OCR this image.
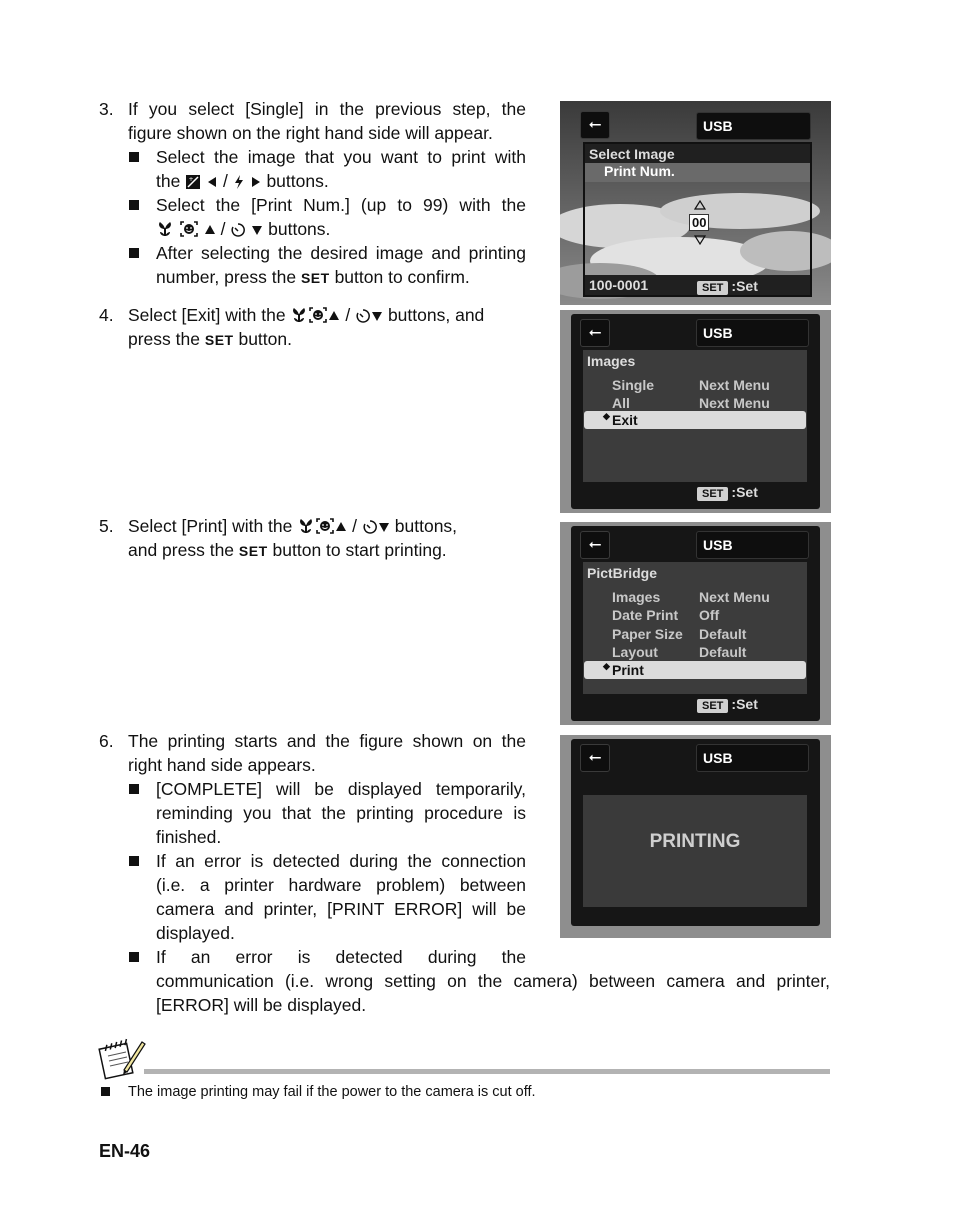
3. If you select [Single] in the previous step, the
figure shown on the right hand side will appear.
Select the image that you want to print with
the + / buttons.
Select the [Print Num.] (up to 99) with the
/ buttons.
After selecting the desired image and printing
number, press the SET button to confirm.
4. Select [Exit] with the	/ buttons, and
press the SET button.
5. Select [Print] with the	/ buttons,
and press the SET button to start printing.
6. The printing starts and the figure shown on the
right hand side appears.
[COMPLETE] will be displayed temporarily,
reminding you that the printing procedure is
finished.
If an error is detected during the connection
(i.e. a printer hardware problem) between
camera and printer, [PRINT ERROR] will be
displayed.
If an error is detected during the
communication (i.e. wrong setting on the camera) between camera and printer,
[ERROR] will be displayed.
The image printing may fail if the power to the camera is cut off.
EN-46
⭠	USB
Select Image
Print Num.
00
100-0001	SET :Set
⭠	USB
Images
Single	Next Menu
All	Next Menu
◆ Exit
SET :Set
⭠	USB
PictBridge
Images	Next Menu
Date Print Off
Paper Size Default
Layout	Default
◆ Print
SET :Set
⭠	USB
PRINTING
